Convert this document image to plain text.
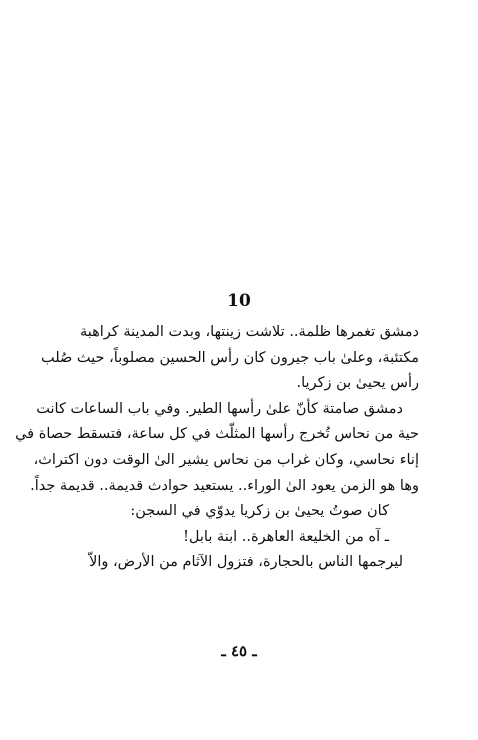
10
دمشق تغمرها ظلمة.. تلاشت زينتها، وبدت المدينة كراهبة
مكتئبة، وعلىٰ باب جيرون كان رأس الحسين مصلوباً، حيث صُلب
رأس يحيىٰ بن زكريا.
دمشق صامتة كأنّ علىٰ رأسها الطير. وفي باب الساعات كانت
حية من نحاس تُخرج رأسها المثلّث في كل ساعة، فتسقط حصاة في
إناء نحاسي، وكان غراب من نحاس يشير الىٰ الوقت دون اكتراث،
وها هو الزمن يعود الىٰ الوراء.. يستعيد حوادث قديمة.. قديمة جداً.
كان صوتُ يحيىٰ بن زكريا يدوّي في السجن:
ـ آه من الخليعة العاهرة.. ابنة بابل!
ليرجمها الناس بالحجارة، فتزول الآثام من الأرض، والاّ
ـ ٤٥ ـ
